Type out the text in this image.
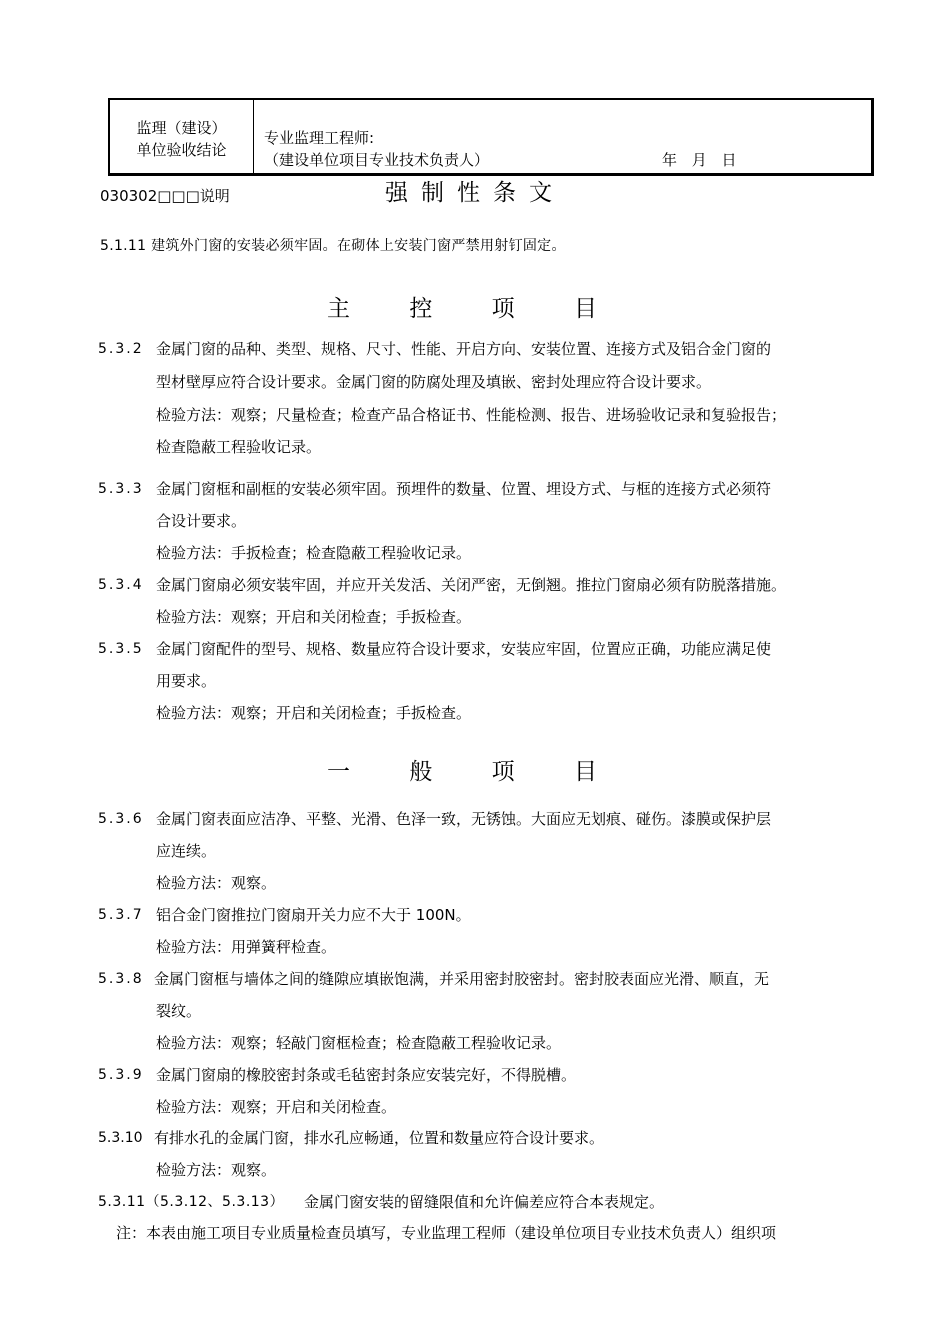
监理（建设）
单位验收结论
专业监理工程师:
（建设单位项目专业技术负责人）	年 月 日
030302□□□说明	强制性条文
5.1.11 建筑外门窗的安装必须牢固。在砌体上安装门窗严禁用射钉固定。
主 控 项 目
5.3.2 金属门窗的品种、类型、规格、尺寸、性能、开启方向、安装位置、连接方式及铝合金门窗的
型材壁厚应符合设计要求。金属门窗的防腐处理及填嵌、密封处理应符合设计要求。
检验方法：观察；尺量检查；检查产品合格证书、性能检测、报告、进场验收记录和复验报告；
检查隐蔽工程验收记录。
5.3.3 金属门窗框和副框的安装必须牢固。预埋件的数量、位置、埋设方式、与框的连接方式必须符
合设计要求。
检验方法：手扳检查；检查隐蔽工程验收记录。
5.3.4 金属门窗扇必须安装牢固，并应开关发活、关闭严密，无倒翘。推拉门窗扇必须有防脱落措施。
检验方法：观察；开启和关闭检查；手扳检查。
5.3.5 金属门窗配件的型号、规格、数量应符合设计要求，安装应牢固，位置应正确，功能应满足使
用要求。
检验方法：观察；开启和关闭检查；手扳检查。
一 般 项 目
5.3.6 金属门窗表面应洁净、平整、光滑、色泽一致，无锈蚀。大面应无划痕、碰伤。漆膜或保护层
应连续。
检验方法：观察。
5.3.7 铝合金门窗推拉门窗扇开关力应不大于 100N。
检验方法：用弹簧秤检查。
5.3.8 金属门窗框与墙体之间的缝隙应填嵌饱满，并采用密封胶密封。密封胶表面应光滑、顺直，无
裂纹。
检验方法：观察；轻敲门窗框检查；检查隐蔽工程验收记录。
5.3.9 金属门窗扇的橡胶密封条或毛毡密封条应安装完好，不得脱槽。
检验方法：观察；开启和关闭检查。
5.3.10 有排水孔的金属门窗，排水孔应畅通，位置和数量应符合设计要求。
检验方法：观察。
5.3.11（5.3.12、5.3.13） 金属门窗安装的留缝限值和允许偏差应符合本表规定。
注：本表由施工项目专业质量检查员填写，专业监理工程师（建设单位项目专业技术负责人）组织项
